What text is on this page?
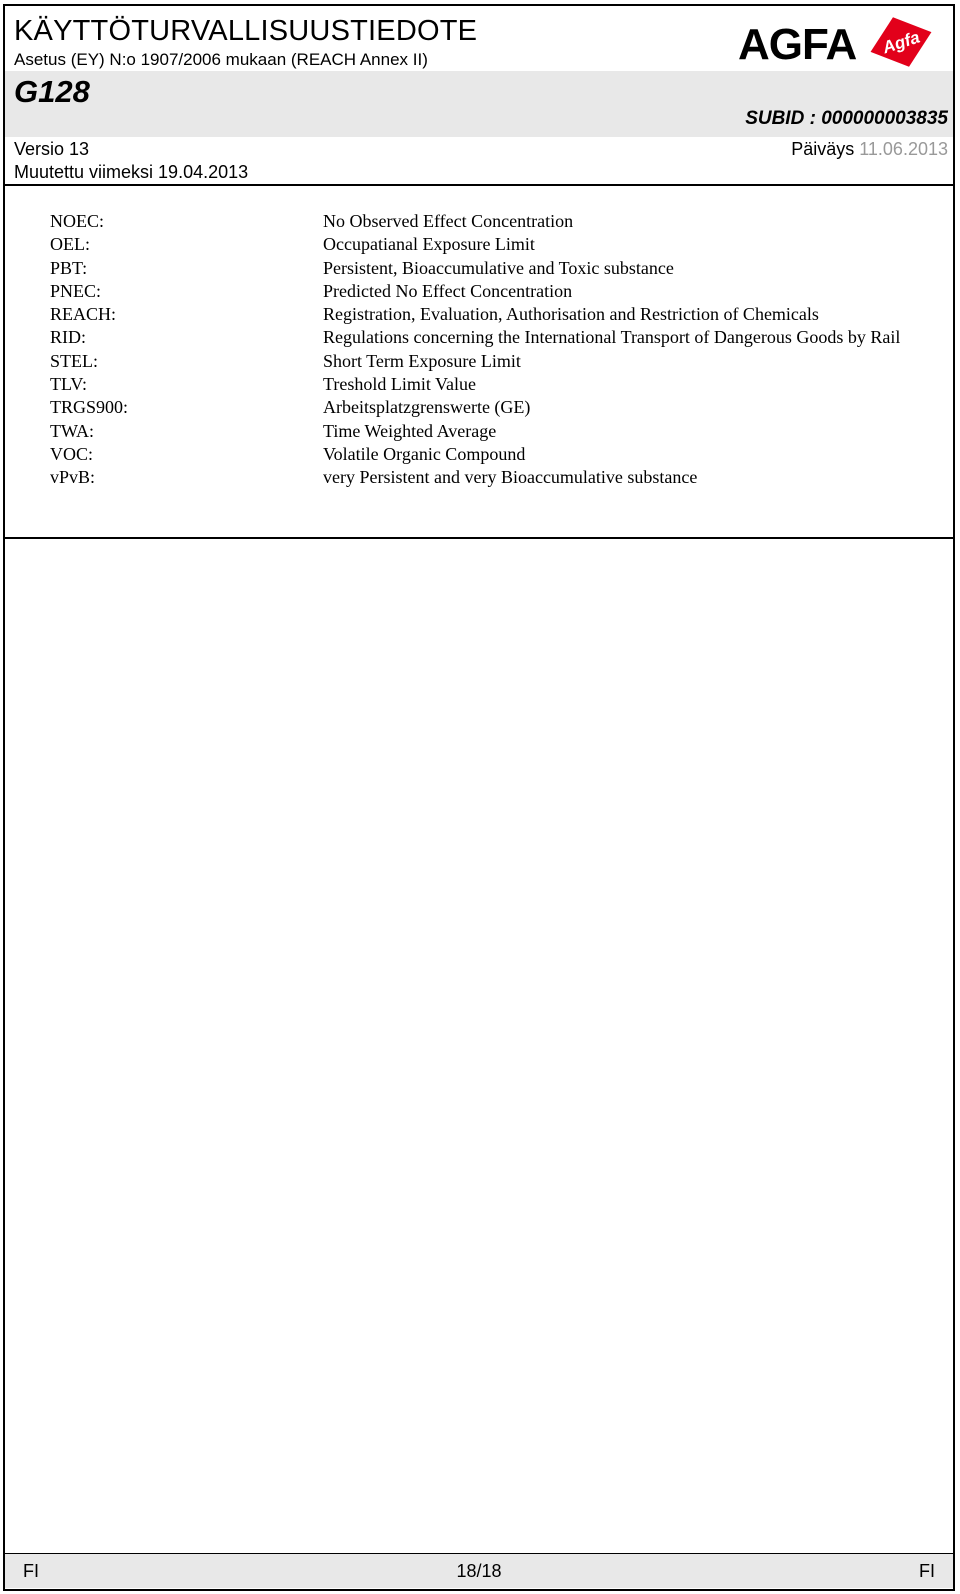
KÄYTTÖTURVALLISUUSTIEDOTE
Asetus (EY) N:o 1907/2006 mukaan (REACH Annex II)
G128
SUBID : 000000003835
Versio 13
Muutettu viimeksi 19.04.2013
Päiväys 11.06.2013
AGFA Agfa
NOEC:	No Observed Effect Concentration
OEL:	Occupatianal Exposure Limit
PBT:	Persistent, Bioaccumulative and Toxic substance
PNEC:	Predicted No Effect Concentration
REACH:	Registration, Evaluation, Authorisation and Restriction of Chemicals
RID:	Regulations concerning the International Transport of Dangerous Goods by Rail
STEL:	Short Term Exposure Limit
TLV:	Treshold Limit Value
TRGS900:	Arbeitsplatzgrenswerte (GE)
TWA:	Time Weighted Average
VOC:	Volatile Organic Compound
vPvB:	very Persistent and very Bioaccumulative substance
FI	18/18	FI
